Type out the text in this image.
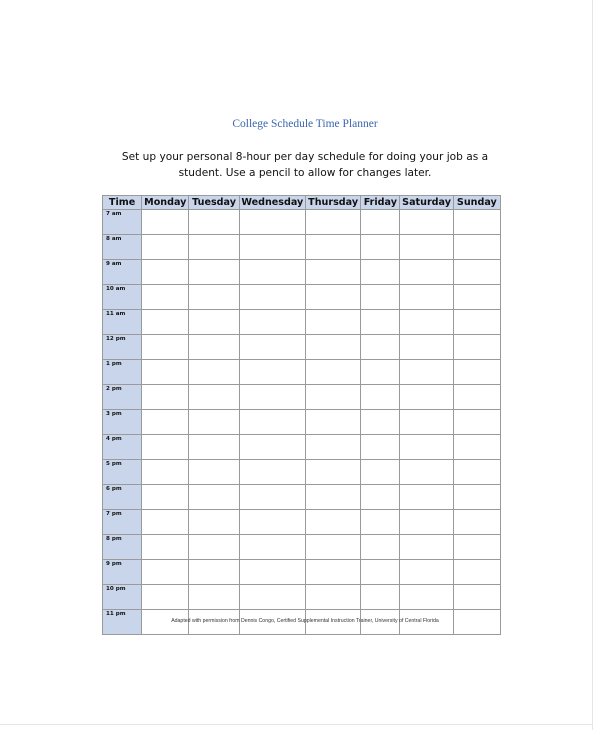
College Schedule Time Planner
Set up your personal 8-hour per day schedule for doing your job as a student. Use a pencil to allow for changes later.
Time	Monday	Tuesday	Wednesday	Thursday	Friday	Saturday	Sunday
7 am							
8 am							
9 am							
10 am							
11 am							
12 pm							
1 pm							
2 pm							
3 pm							
4 pm							
5 pm							
6 pm							
7 pm							
8 pm							
9 pm							
10 pm							
11 pm							
Adapted with permission from Dennis Congo, Certified Supplemental Instruction Trainer, University of Central Florida
